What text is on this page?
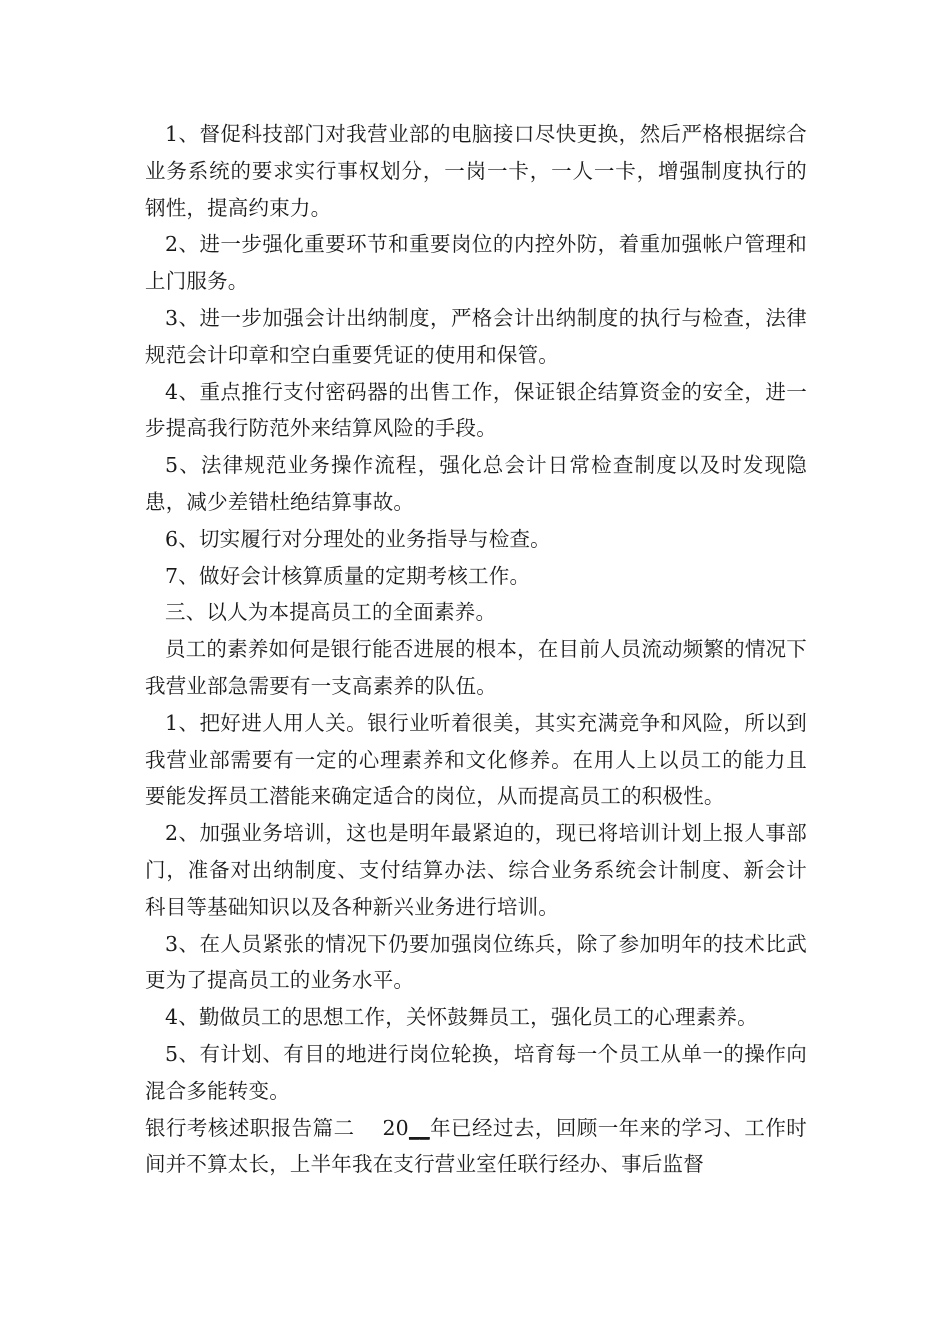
1、督促科技部门对我营业部的电脑接口尽快更换，然后严格根据综合业务系统的要求实行事权划分，一岗一卡，一人一卡，增强制度执行的钢性，提高约束力。

2、进一步强化重要环节和重要岗位的内控外防，着重加强帐户管理和上门服务。

3、进一步加强会计出纳制度，严格会计出纳制度的执行与检查，法律规范会计印章和空白重要凭证的使用和保管。

4、重点推行支付密码器的出售工作，保证银企结算资金的安全，进一步提高我行防范外来结算风险的手段。

5、法律规范业务操作流程，强化总会计日常检查制度以及时发现隐患，减少差错杜绝结算事故。

6、切实履行对分理处的业务指导与检查。

7、做好会计核算质量的定期考核工作。

三、以人为本提高员工的全面素养。

员工的素养如何是银行能否进展的根本，在目前人员流动频繁的情况下我营业部急需要有一支高素养的队伍。

1、把好进人用人关。银行业听着很美，其实充满竞争和风险，所以到我营业部需要有一定的心理素养和文化修养。在用人上以员工的能力且要能发挥员工潜能来确定适合的岗位，从而提高员工的积极性。

2、加强业务培训，这也是明年最紧迫的，现已将培训计划上报人事部门，准备对出纳制度、支付结算办法、综合业务系统会计制度、新会计科目等基础知识以及各种新兴业务进行培训。

3、在人员紧张的情况下仍要加强岗位练兵，除了参加明年的技术比武更为了提高员工的业务水平。

4、勤做员工的思想工作，关怀鼓舞员工，强化员工的心理素养。

5、有计划、有目的地进行岗位轮换，培育每一个员工从单一的操作向混合多能转变。

银行考核述职报告篇二 20__年已经过去，回顾一年来的学习、工作时间并不算太长，上半年我在支行营业室任联行经办、事后监督
